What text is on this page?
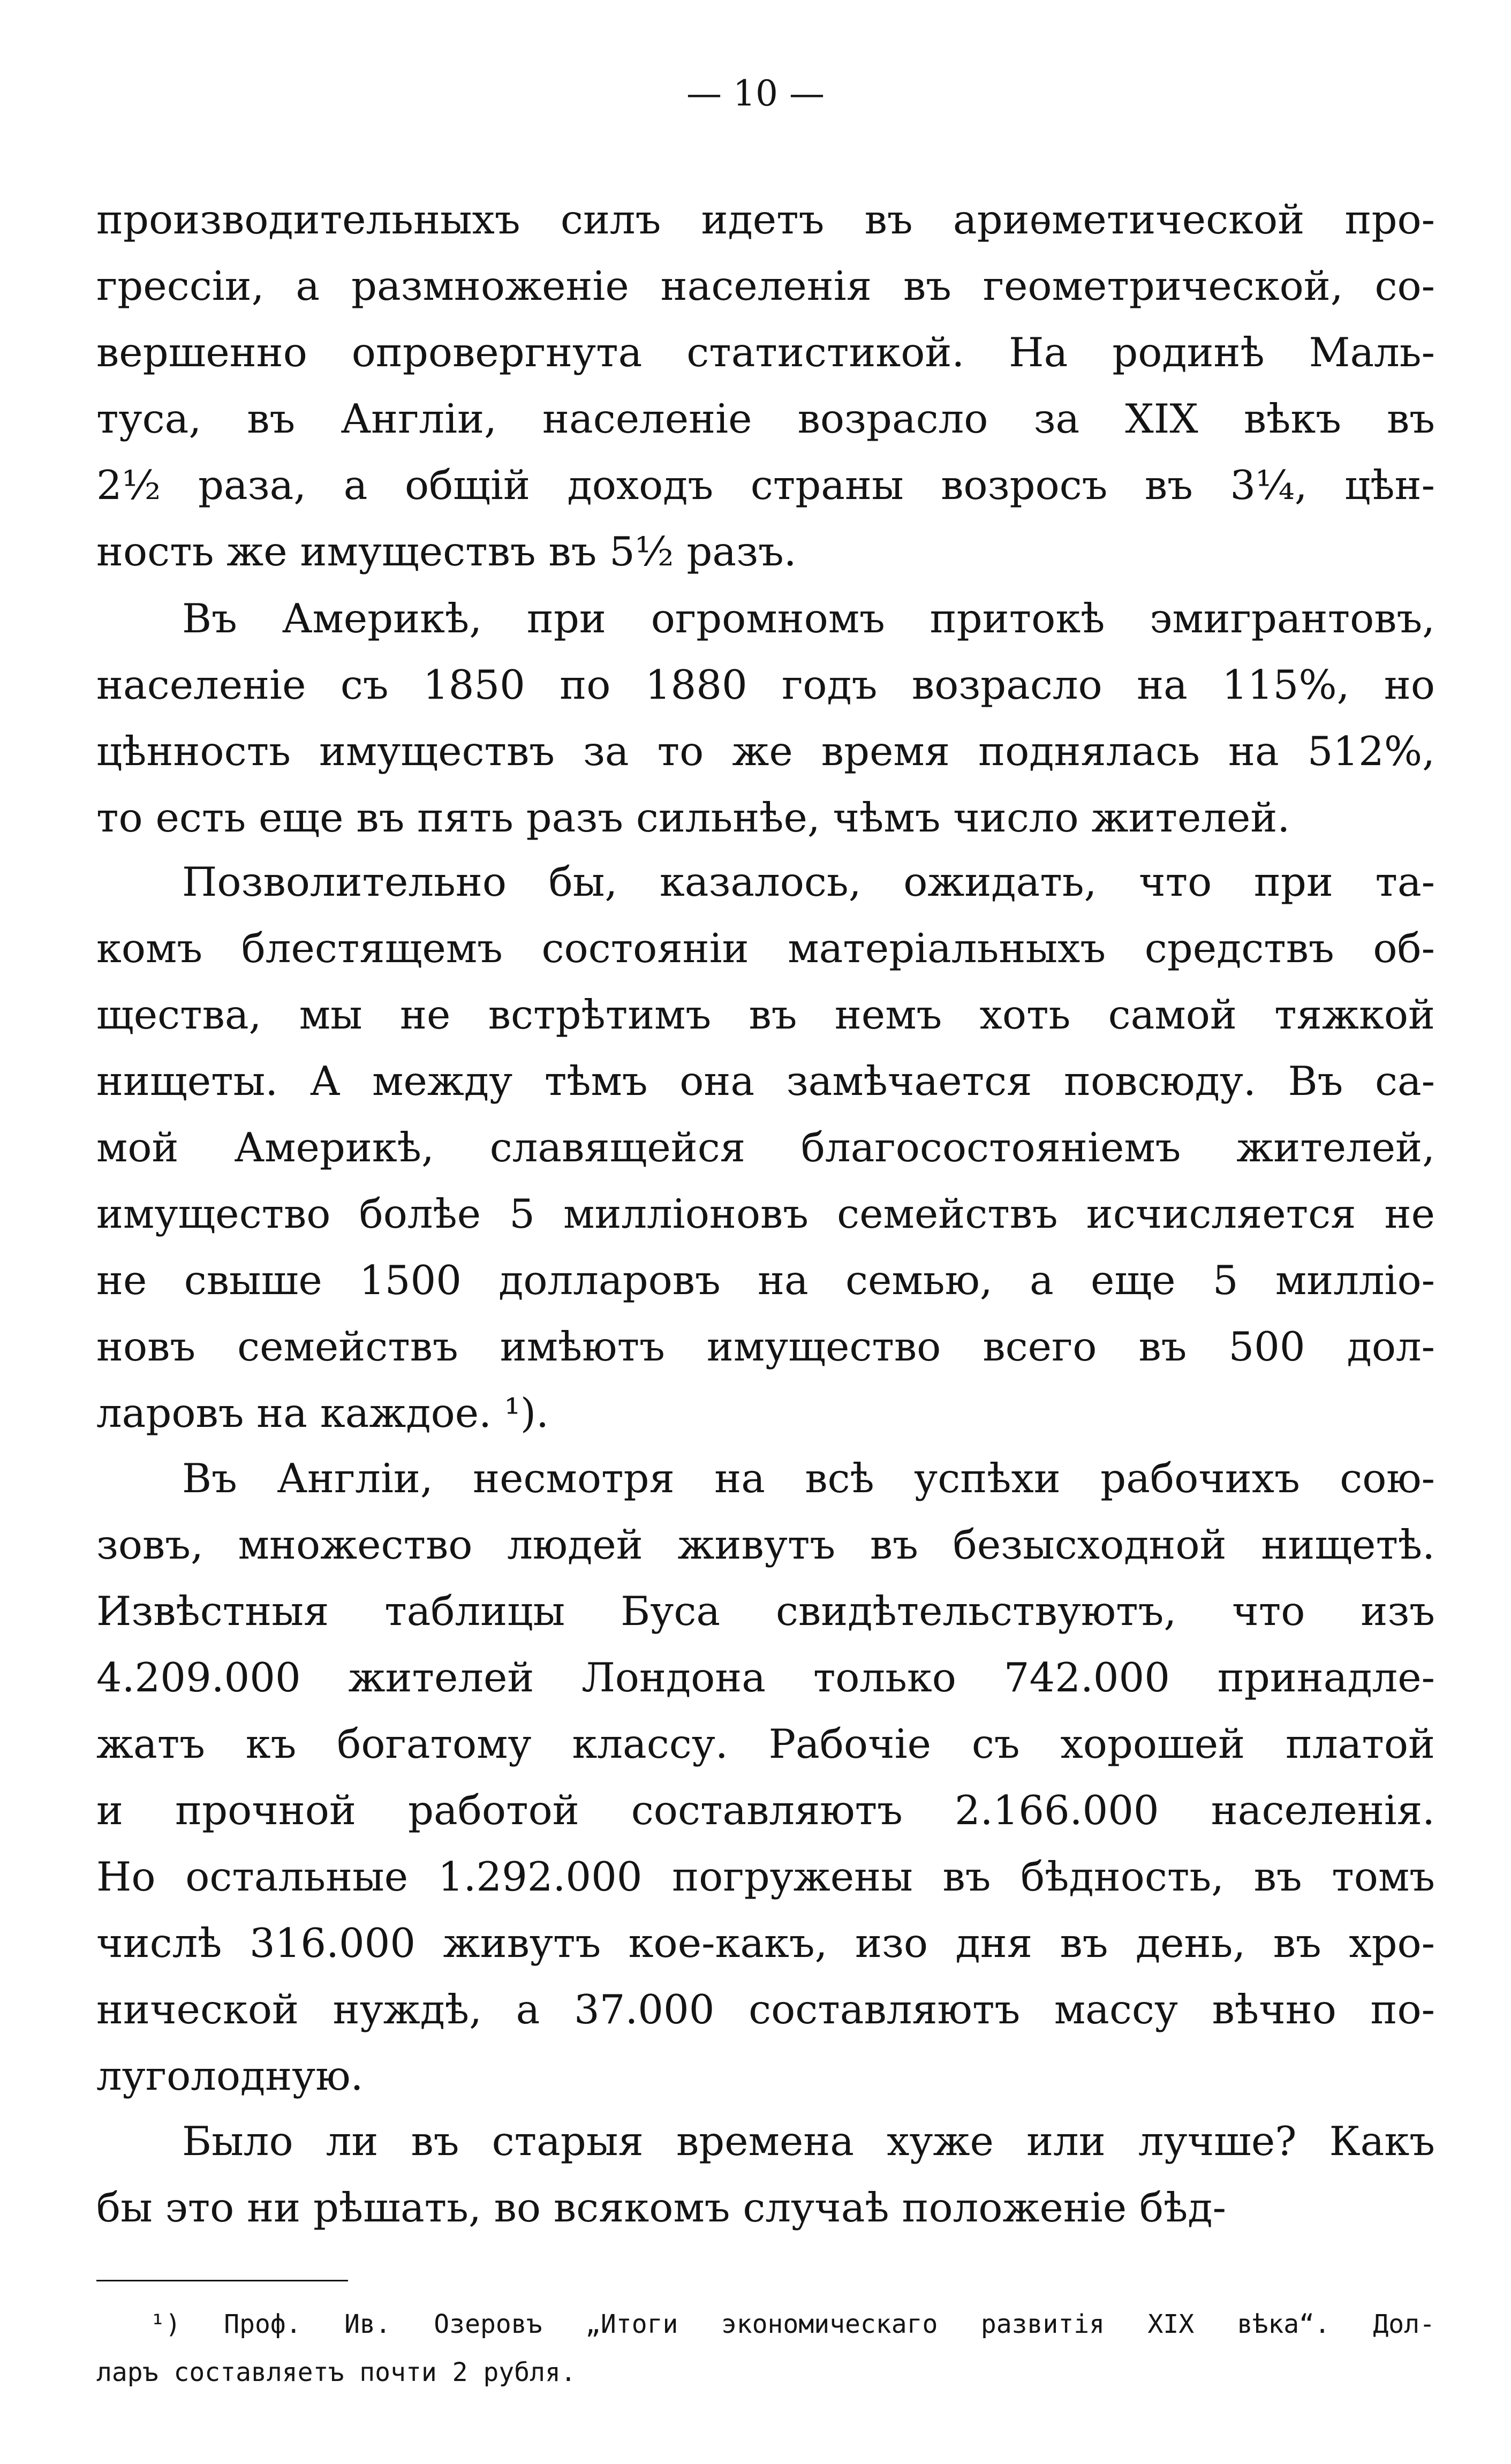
— 10 —
производительныхъ силъ идетъ въ ариѳметической про-
грессіи, а размноженіе населенія въ геометрической, со-
вершенно опровергнута статистикой. На родинѣ Маль-
туса, въ Англіи, населеніе возрасло за XIX вѣкъ въ
2½ раза, а общій доходъ страны возросъ въ 3¼, цѣн-
ность же имуществъ въ 5½ разъ.
Въ Америкѣ, при огромномъ притокѣ эмигрантовъ,
населеніе съ 1850 по 1880 годъ возрасло на 115%, но
цѣнность имуществъ за то же время поднялась на 512%,
то есть еще въ пять разъ сильнѣе, чѣмъ число жителей.
Позволительно бы, казалось, ожидать, что при та-
комъ блестящемъ состояніи матеріальныхъ средствъ об-
щества, мы не встрѣтимъ въ немъ хоть самой тяжкой
нищеты. А между тѣмъ она замѣчается повсюду. Въ са-
мой Америкѣ, славящейся благосостояніемъ жителей,
имущество болѣе 5 милліоновъ семействъ исчисляется не
не свыше 1500 долларовъ на семью, а еще 5 милліо-
новъ семействъ имѣютъ имущество всего въ 500 дол-
ларовъ на каждое. ¹).
Въ Англіи, несмотря на всѣ успѣхи рабочихъ сою-
зовъ, множество людей живутъ въ безысходной нищетѣ.
Извѣстныя таблицы Буса свидѣтельствуютъ, что изъ
4.209.000 жителей Лондона только 742.000 принадле-
жатъ къ богатому классу. Рабочіе съ хорошей платой
и прочной работой составляютъ 2.166.000 населенія.
Но остальные 1.292.000 погружены въ бѣдность, въ томъ
числѣ 316.000 живутъ кое-какъ, изо дня въ день, въ хро-
нической нуждѣ, а 37.000 составляютъ массу вѣчно по-
луголодную.
Было ли въ старыя времена хуже или лучше? Какъ
бы это ни рѣшать, во всякомъ случаѣ положеніе бѣд-
¹) Проф. Ив. Озеровъ „Итоги экономическаго развитія XIX вѣка“. Дол-
ларъ составляетъ почти 2 рубля.
